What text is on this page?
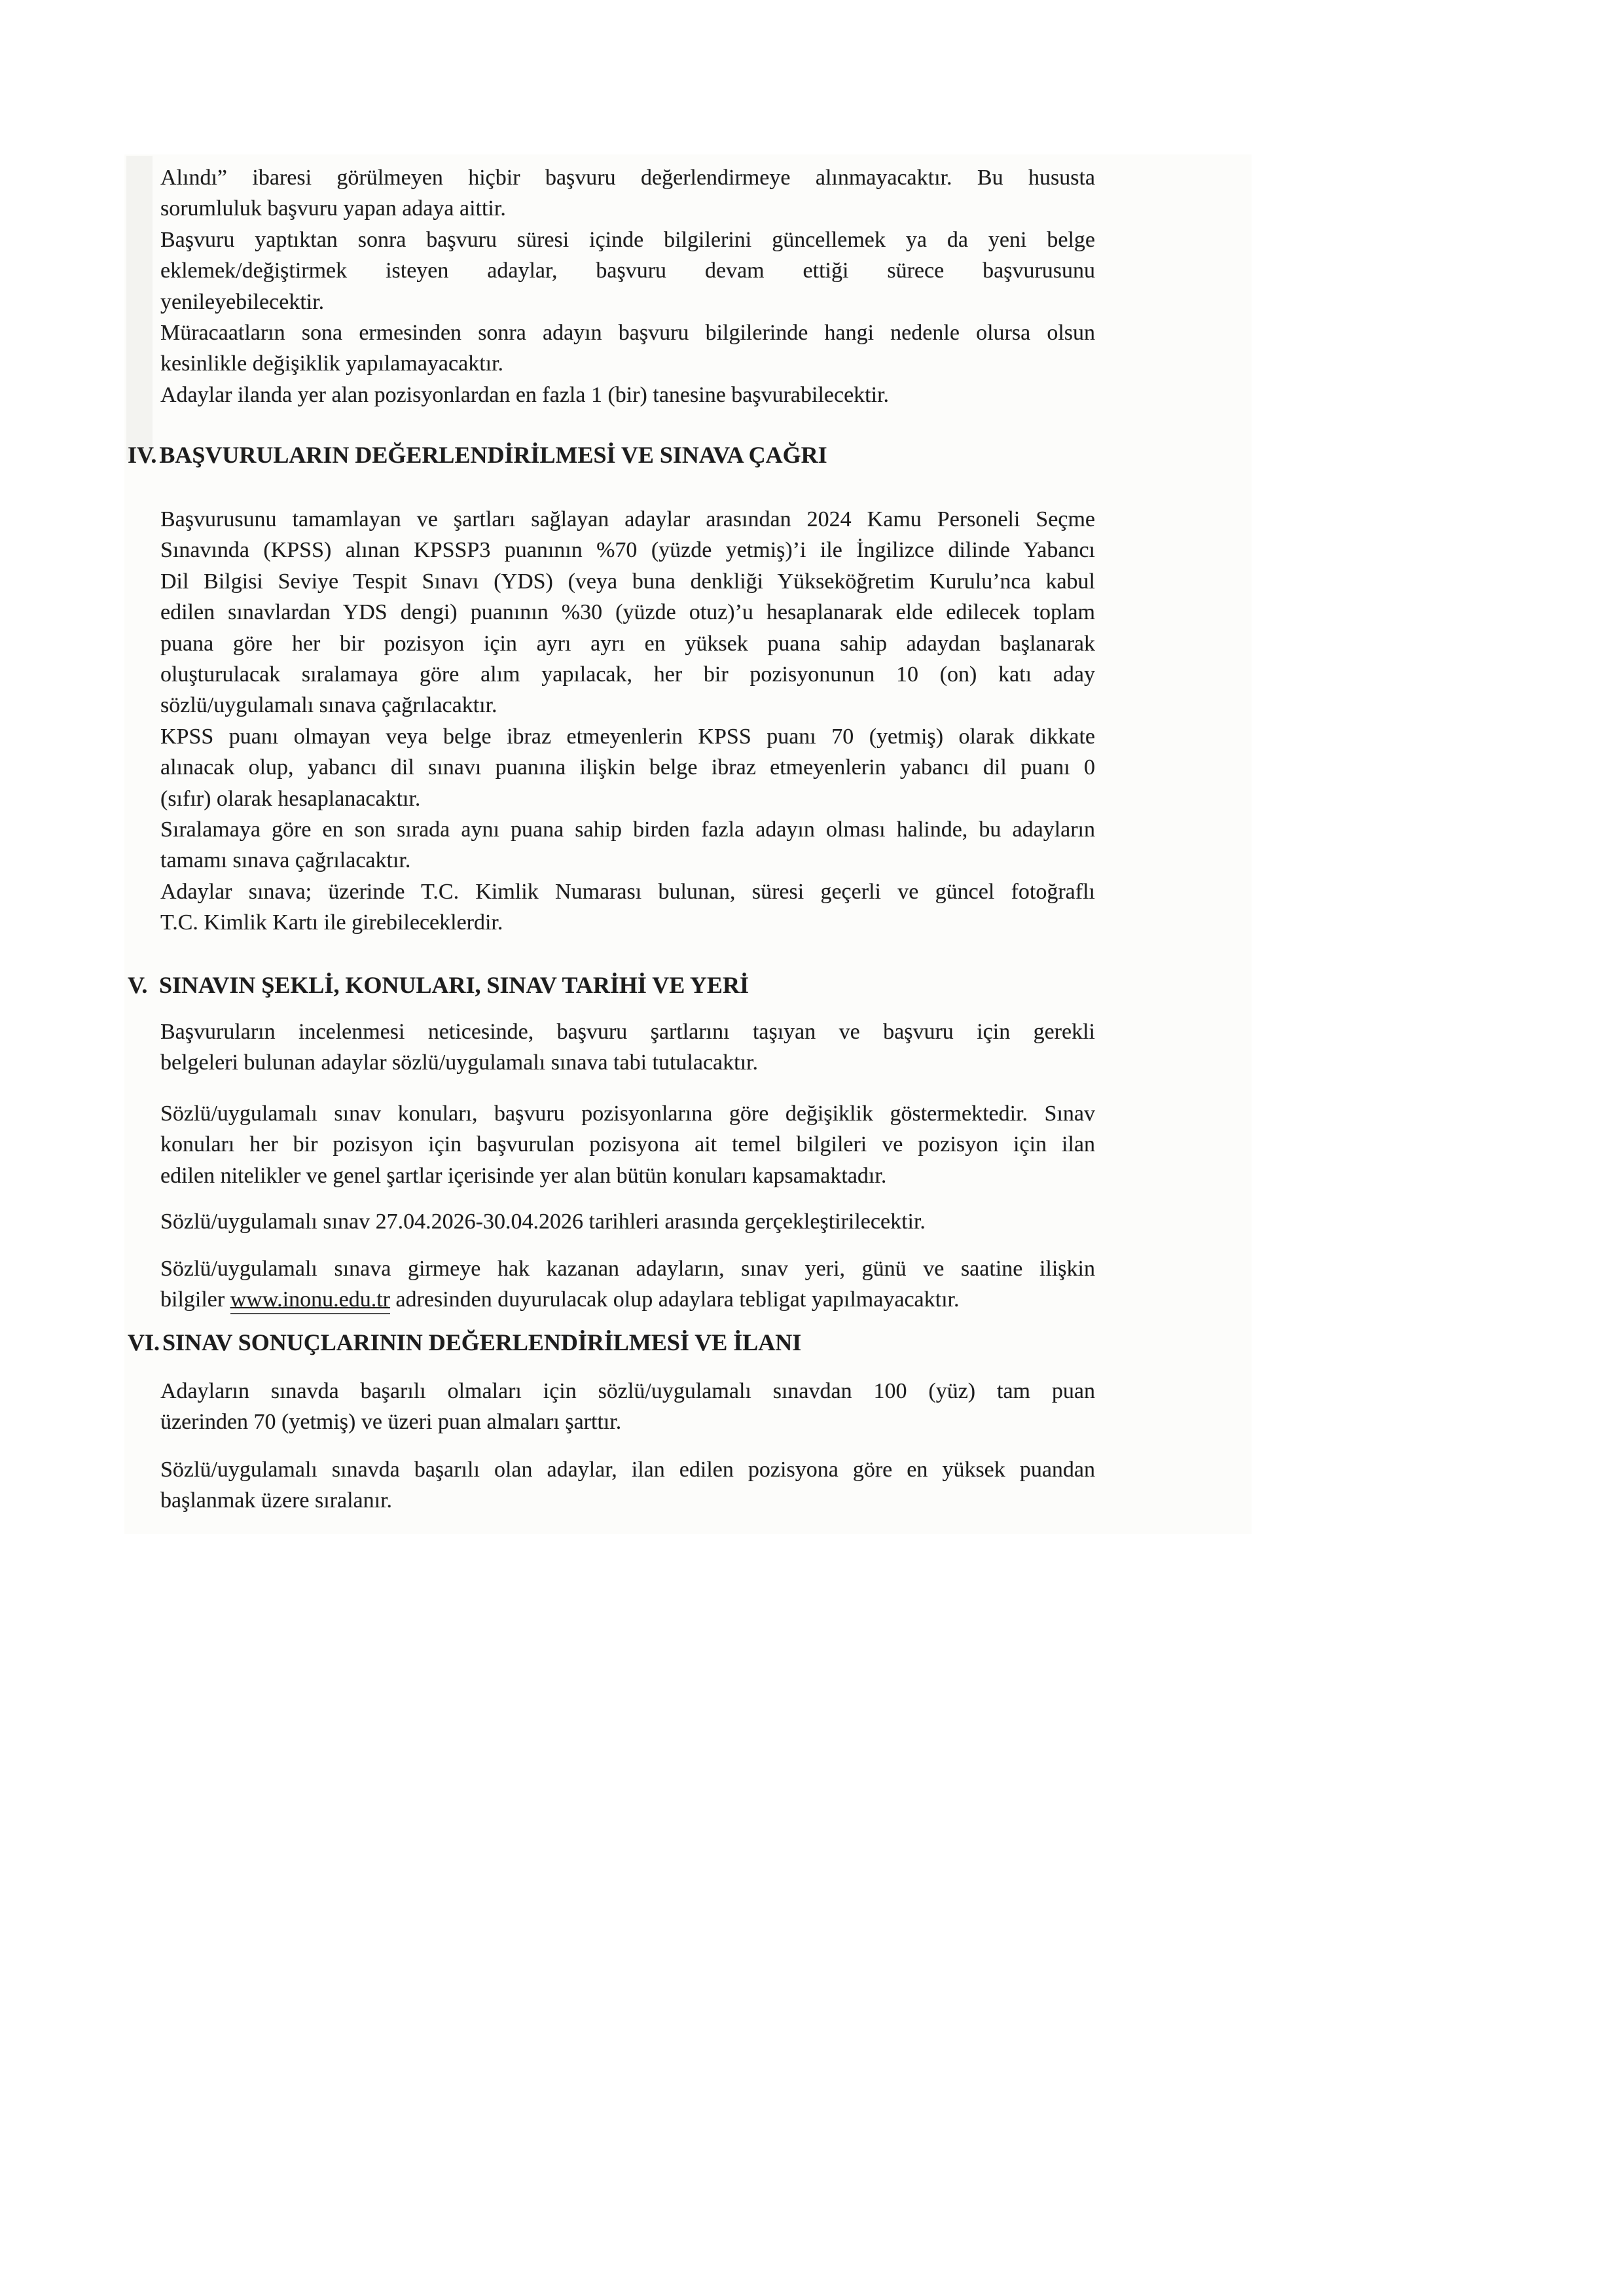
Alındı” ibaresi görülmeyen hiçbir başvuru değerlendirmeye alınmayacaktır. Bu hususta
sorumluluk başvuru yapan adaya aittir.
Başvuru yaptıktan sonra başvuru süresi içinde bilgilerini güncellemek ya da yeni belge
eklemek/değiştirmek isteyen adaylar, başvuru devam ettiği sürece başvurusunu
yenileyebilecektir.
Müracaatların sona ermesinden sonra adayın başvuru bilgilerinde hangi nedenle olursa olsun
kesinlikle değişiklik yapılamayacaktır.
Adaylar ilanda yer alan pozisyonlardan en fazla 1 (bir) tanesine başvurabilecektir.
IV. BAŞVURULARIN DEĞERLENDİRİLMESİ VE SINAVA ÇAĞRI
Başvurusunu tamamlayan ve şartları sağlayan adaylar arasından 2024 Kamu Personeli Seçme
Sınavında (KPSS) alınan KPSSP3 puanının %70 (yüzde yetmiş)’i ile İngilizce dilinde Yabancı
Dil Bilgisi Seviye Tespit Sınavı (YDS) (veya buna denkliği Yükseköğretim Kurulu’nca kabul
edilen sınavlardan YDS dengi) puanının %30 (yüzde otuz)’u hesaplanarak elde edilecek toplam
puana göre her bir pozisyon için ayrı ayrı en yüksek puana sahip adaydan başlanarak
oluşturulacak sıralamaya göre alım yapılacak, her bir pozisyonunun 10 (on) katı aday
sözlü/uygulamalı sınava çağrılacaktır.
KPSS puanı olmayan veya belge ibraz etmeyenlerin KPSS puanı 70 (yetmiş) olarak dikkate
alınacak olup, yabancı dil sınavı puanına ilişkin belge ibraz etmeyenlerin yabancı dil puanı 0
(sıfır) olarak hesaplanacaktır.
Sıralamaya göre en son sırada aynı puana sahip birden fazla adayın olması halinde, bu adayların
tamamı sınava çağrılacaktır.
Adaylar sınava; üzerinde T.C. Kimlik Numarası bulunan, süresi geçerli ve güncel fotoğraflı
T.C. Kimlik Kartı ile girebileceklerdir.
V. SINAVIN ŞEKLİ, KONULARI, SINAV TARİHİ VE YERİ
Başvuruların incelenmesi neticesinde, başvuru şartlarını taşıyan ve başvuru için gerekli
belgeleri bulunan adaylar sözlü/uygulamalı sınava tabi tutulacaktır.
Sözlü/uygulamalı sınav konuları, başvuru pozisyonlarına göre değişiklik göstermektedir. Sınav
konuları her bir pozisyon için başvurulan pozisyona ait temel bilgileri ve pozisyon için ilan
edilen nitelikler ve genel şartlar içerisinde yer alan bütün konuları kapsamaktadır.
Sözlü/uygulamalı sınav 27.04.2026-30.04.2026 tarihleri arasında gerçekleştirilecektir.
Sözlü/uygulamalı sınava girmeye hak kazanan adayların, sınav yeri, günü ve saatine ilişkin
bilgiler www.inonu.edu.tr adresinden duyurulacak olup adaylara tebligat yapılmayacaktır.
VI. SINAV SONUÇLARININ DEĞERLENDİRİLMESİ VE İLANI
Adayların sınavda başarılı olmaları için sözlü/uygulamalı sınavdan 100 (yüz) tam puan
üzerinden 70 (yetmiş) ve üzeri puan almaları şarttır.
Sözlü/uygulamalı sınavda başarılı olan adaylar, ilan edilen pozisyona göre en yüksek puandan
başlanmak üzere sıralanır.
